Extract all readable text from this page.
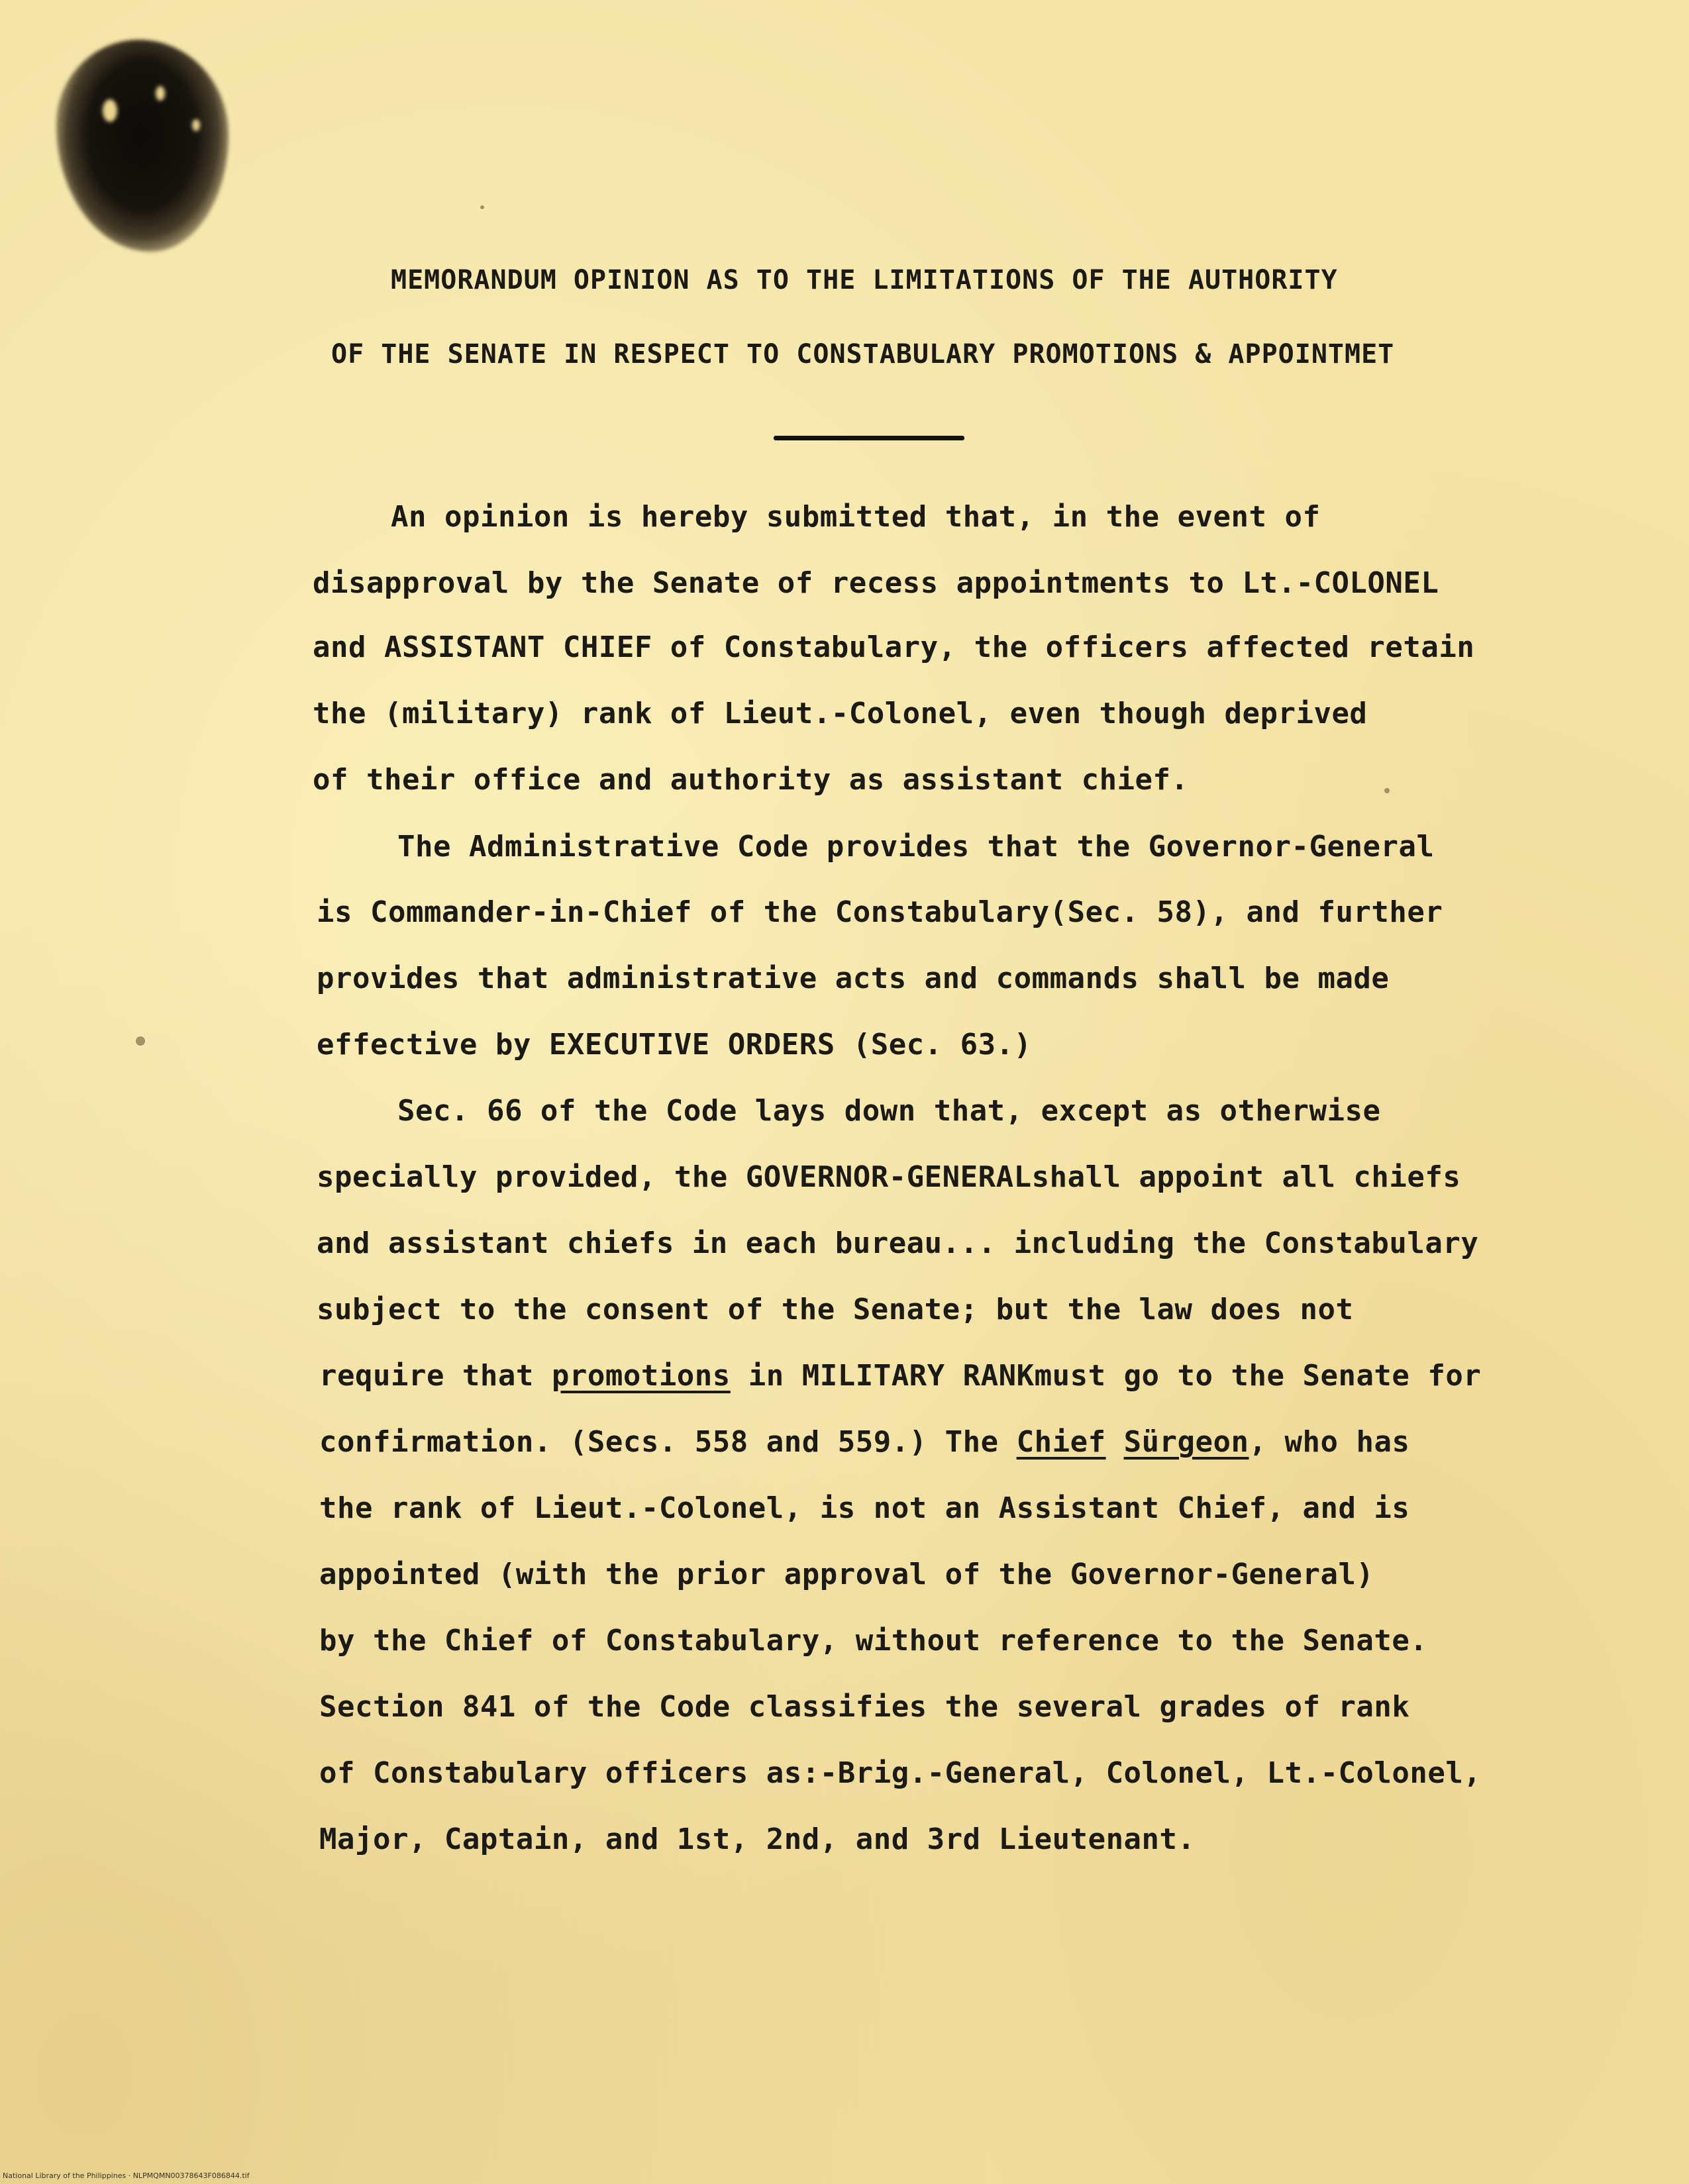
MEMORANDUM OPINION AS TO THE LIMITATIONS OF THE AUTHORITY
OF THE SENATE IN RESPECT TO CONSTABULARY PROMOTIONS & APPOINTMET
An opinion is hereby submitted that, in the event of
disapproval by the Senate of recess appointments to Lt.-COLONEL
and ASSISTANT CHIEF of Constabulary, the officers affected retain
the (military) rank of Lieut.-Colonel, even though deprived
of their office and authority as assistant chief.
The Administrative Code provides that the Governor-General
is Commander-in-Chief of the Constabulary(Sec. 58), and further
provides that administrative acts and commands shall be made
effective by EXECUTIVE ORDERS (Sec. 63.)
Sec. 66 of the Code lays down that, except as otherwise
specially provided, the GOVERNOR-GENERALshall appoint all chiefs
and assistant chiefs in each bureau... including the Constabulary
subject to the consent of the Senate; but the law does not
require that promotions in MILITARY RANKmust go to the Senate for
confirmation. (Secs. 558 and 559.) The Chief Sürgeon, who has
the rank of Lieut.-Colonel, is not an Assistant Chief, and is
appointed (with the prior approval of the Governor-General)
by the Chief of Constabulary, without reference to the Senate.
Section 841 of the Code classifies the several grades of rank
of Constabulary officers as:-Brig.-General, Colonel, Lt.-Colonel,
Major, Captain, and 1st, 2nd, and 3rd Lieutenant.
National Library of the Philippines · NLPMQMN00378643F086844.tif
